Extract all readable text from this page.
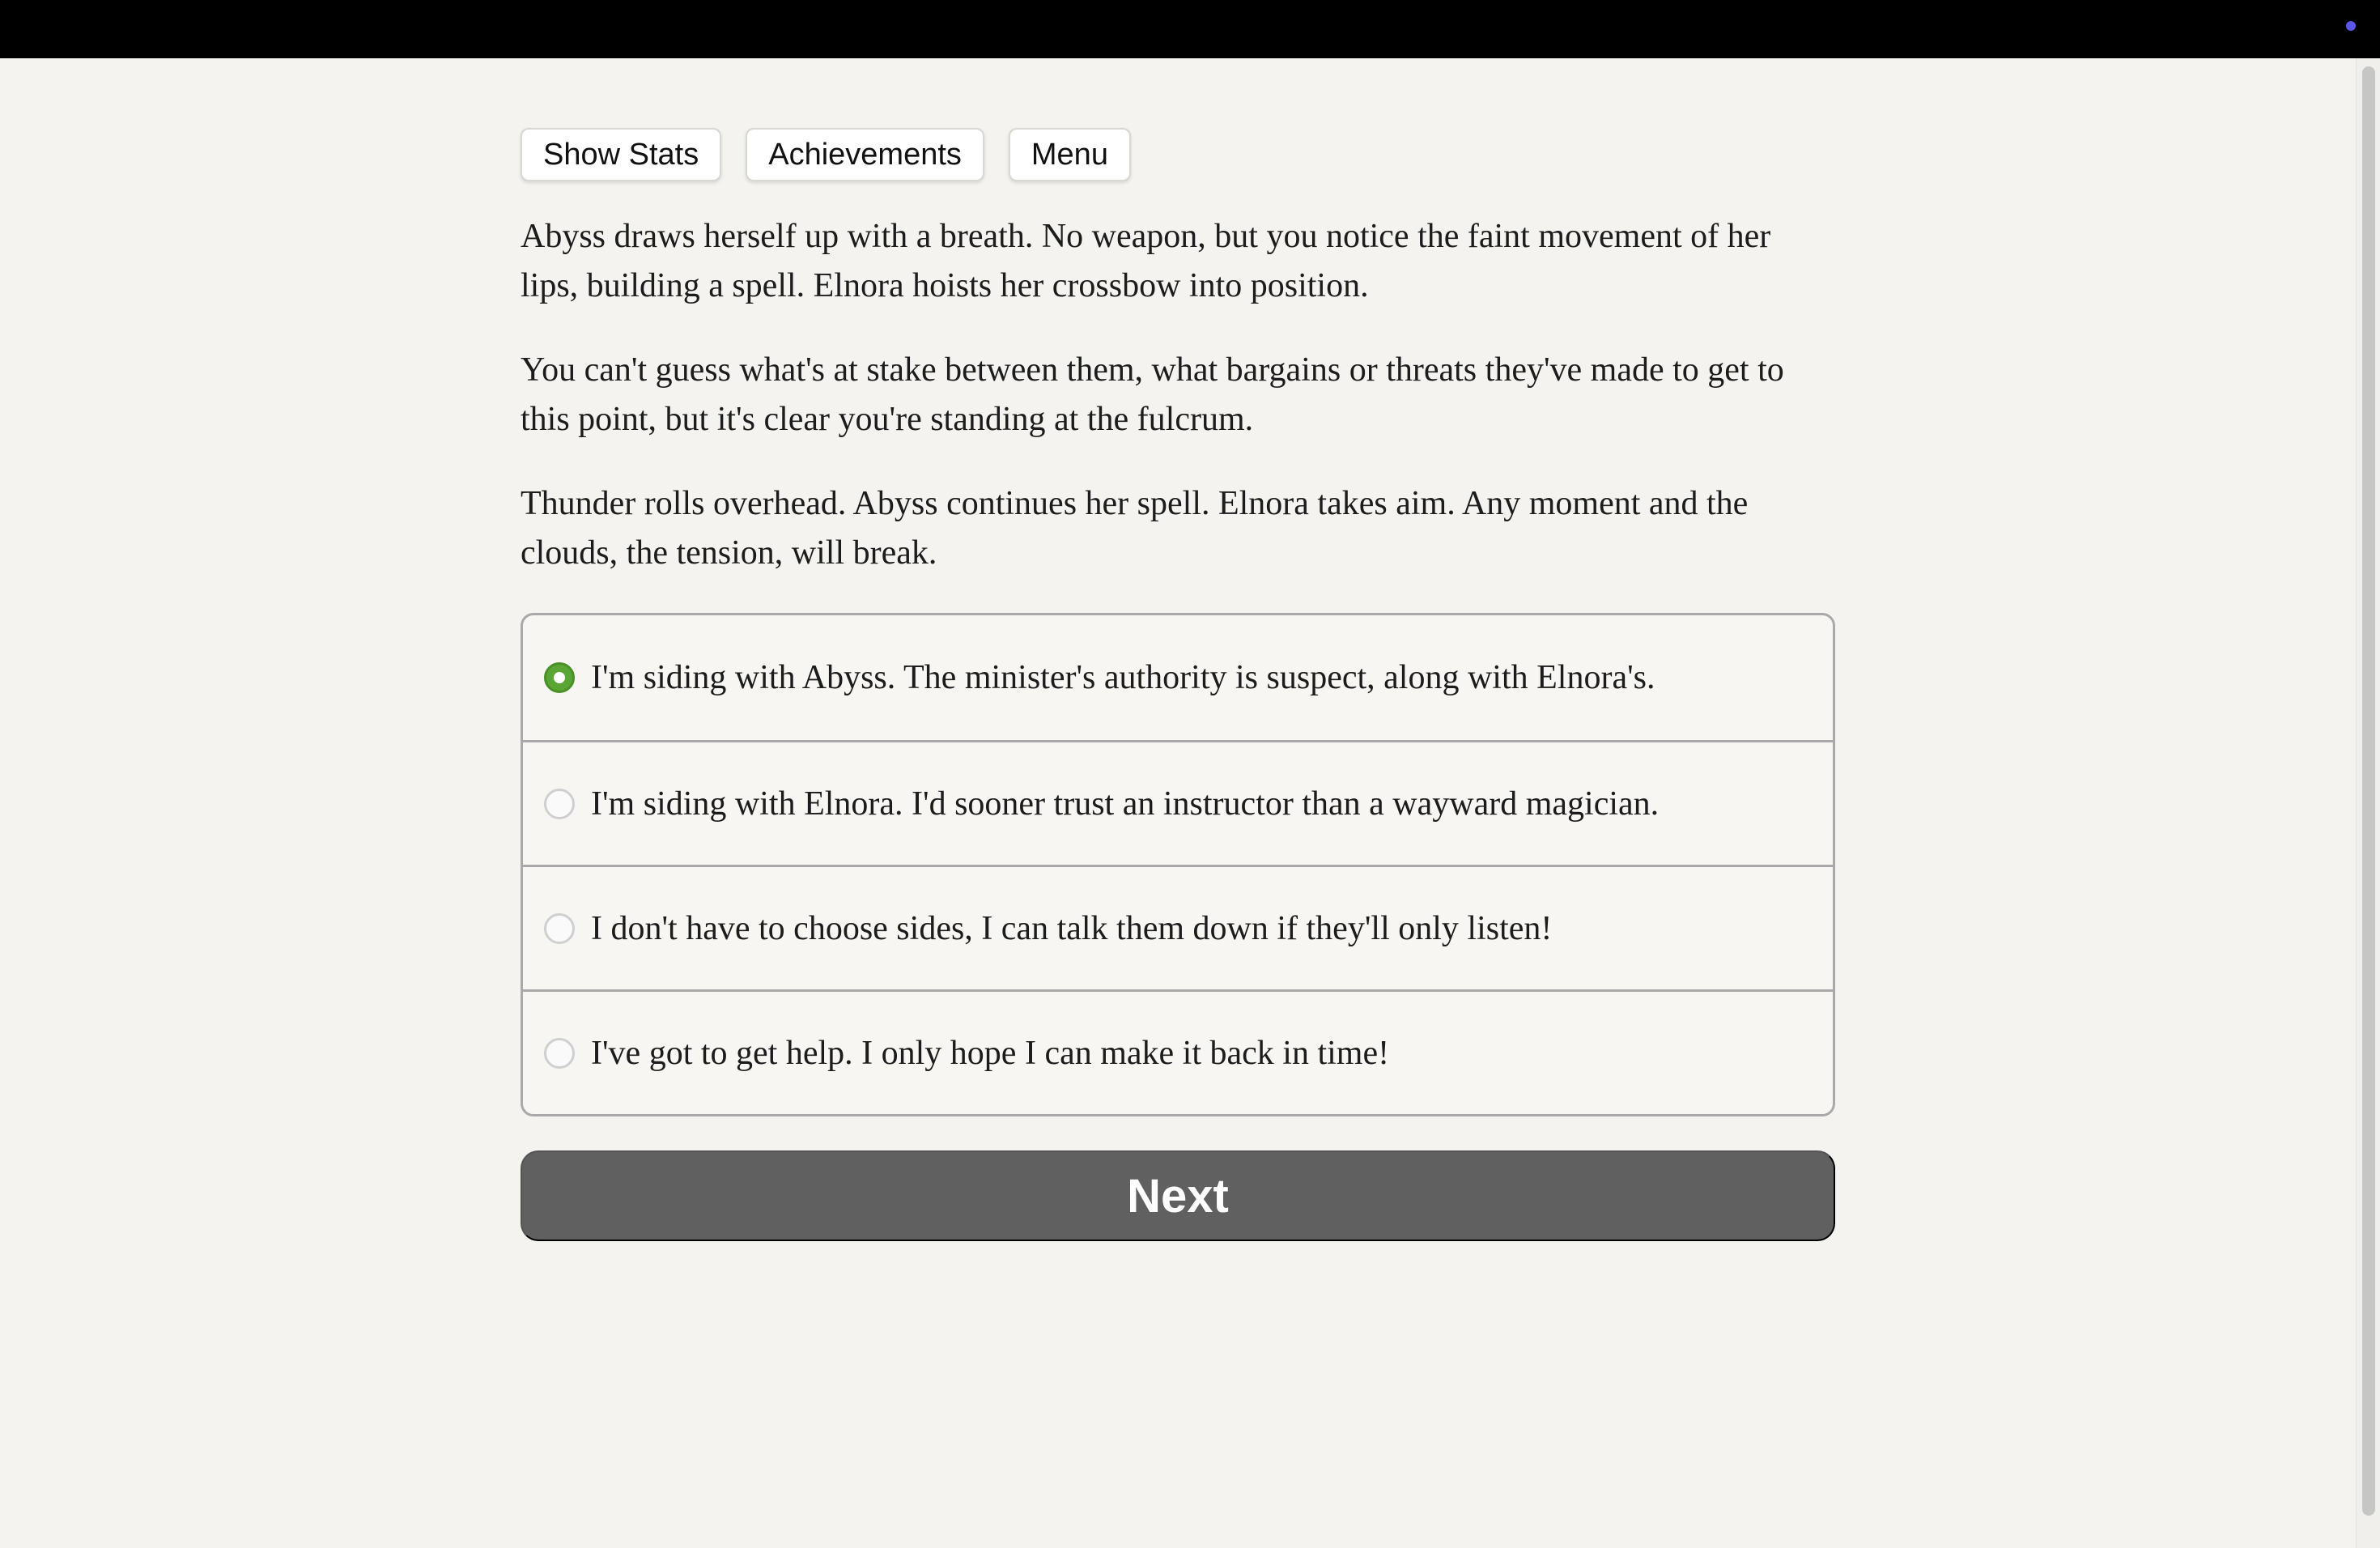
Show Stats	Achievements	Menu

Abyss draws herself up with a breath. No weapon, but you notice the faint movement of her lips, building a spell. Elnora hoists her crossbow into position.

You can't guess what's at stake between them, what bargains or threats they've made to get to this point, but it's clear you're standing at the fulcrum.

Thunder rolls overhead. Abyss continues her spell. Elnora takes aim. Any moment and the clouds, the tension, will break.

I'm siding with Abyss. The minister's authority is suspect, along with Elnora's.
I'm siding with Elnora. I'd sooner trust an instructor than a wayward magician.
I don't have to choose sides, I can talk them down if they'll only listen!
I've got to get help. I only hope I can make it back in time!
Next
